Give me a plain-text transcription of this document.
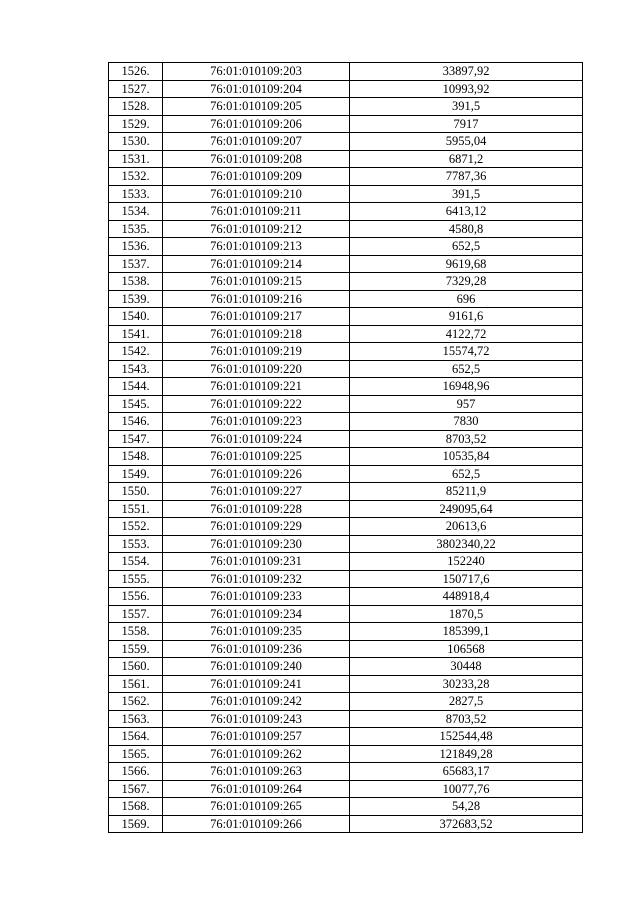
1526.	76:01:010109:203	33897,92
1527.	76:01:010109:204	10993,92
1528.	76:01:010109:205	391,5
1529.	76:01:010109:206	7917
1530.	76:01:010109:207	5955,04
1531.	76:01:010109:208	6871,2
1532.	76:01:010109:209	7787,36
1533.	76:01:010109:210	391,5
1534.	76:01:010109:211	6413,12
1535.	76:01:010109:212	4580,8
1536.	76:01:010109:213	652,5
1537.	76:01:010109:214	9619,68
1538.	76:01:010109:215	7329,28
1539.	76:01:010109:216	696
1540.	76:01:010109:217	9161,6
1541.	76:01:010109:218	4122,72
1542.	76:01:010109:219	15574,72
1543.	76:01:010109:220	652,5
1544.	76:01:010109:221	16948,96
1545.	76:01:010109:222	957
1546.	76:01:010109:223	7830
1547.	76:01:010109:224	8703,52
1548.	76:01:010109:225	10535,84
1549.	76:01:010109:226	652,5
1550.	76:01:010109:227	85211,9
1551.	76:01:010109:228	249095,64
1552.	76:01:010109:229	20613,6
1553.	76:01:010109:230	3802340,22
1554.	76:01:010109:231	152240
1555.	76:01:010109:232	150717,6
1556.	76:01:010109:233	448918,4
1557.	76:01:010109:234	1870,5
1558.	76:01:010109:235	185399,1
1559.	76:01:010109:236	106568
1560.	76:01:010109:240	30448
1561.	76:01:010109:241	30233,28
1562.	76:01:010109:242	2827,5
1563.	76:01:010109:243	8703,52
1564.	76:01:010109:257	152544,48
1565.	76:01:010109:262	121849,28
1566.	76:01:010109:263	65683,17
1567.	76:01:010109:264	10077,76
1568.	76:01:010109:265	54,28
1569.	76:01:010109:266	372683,52
